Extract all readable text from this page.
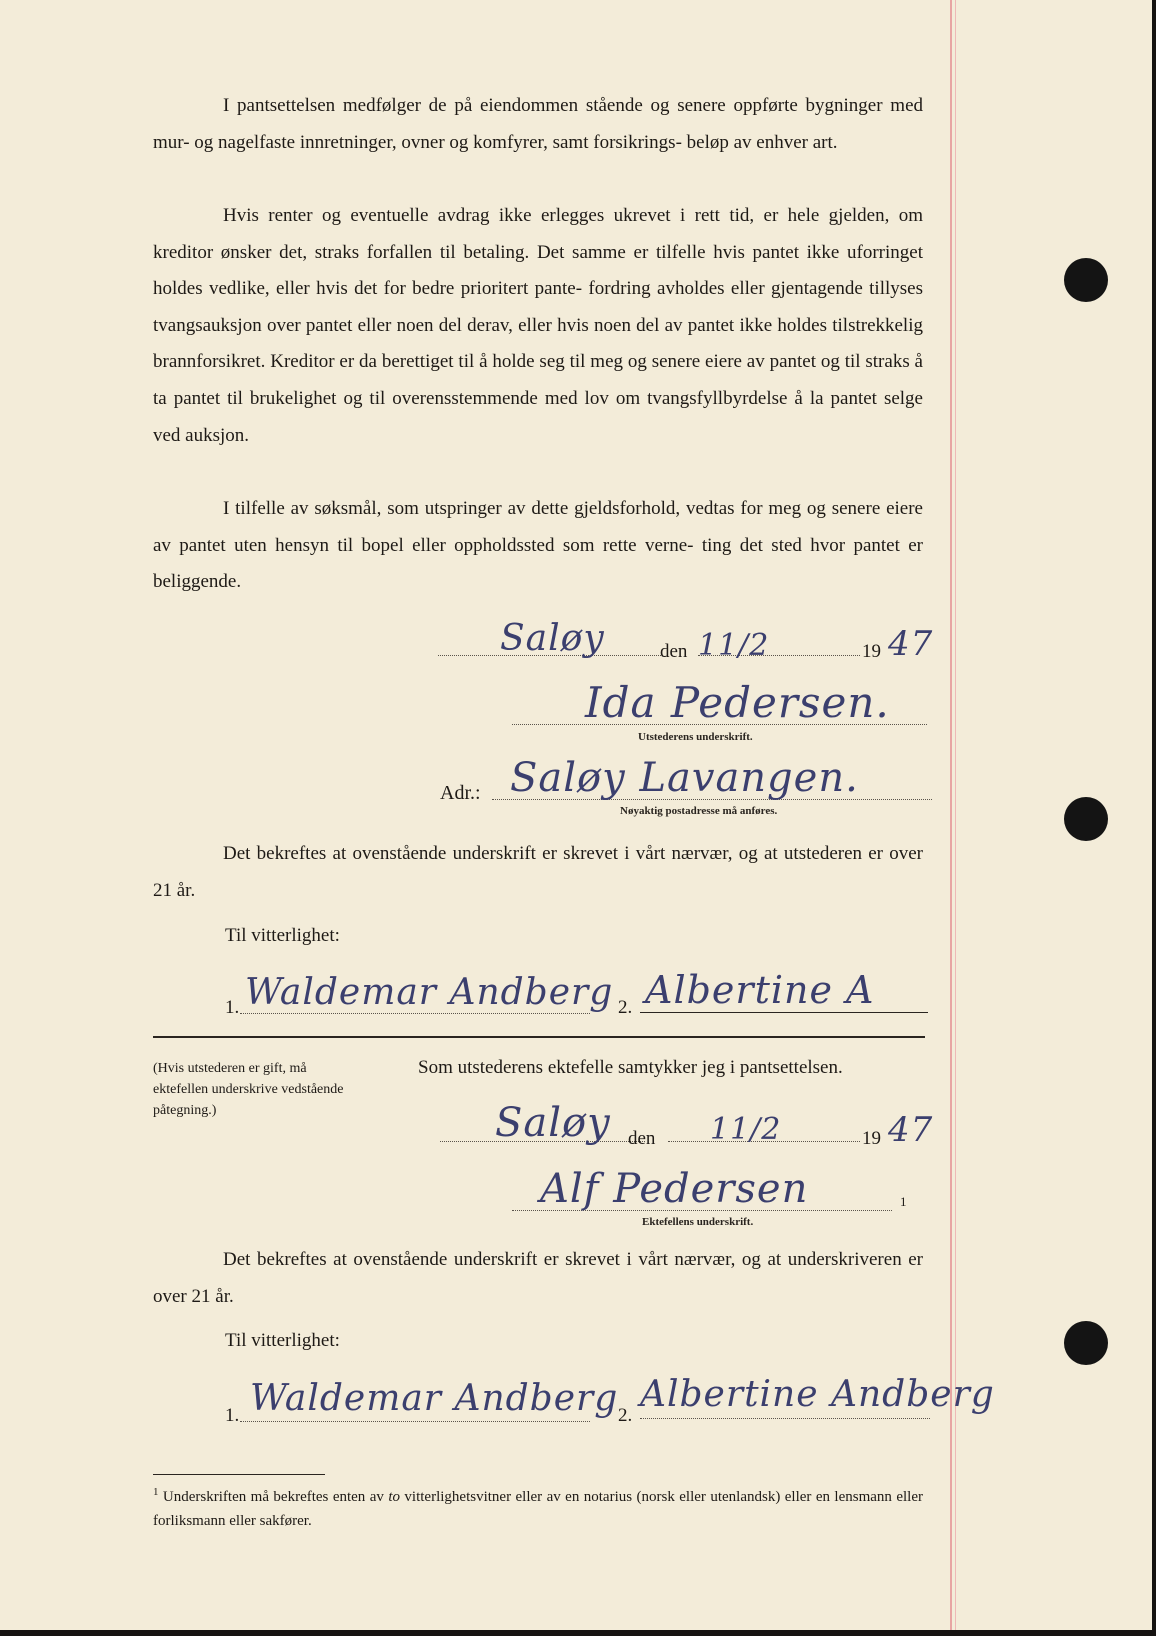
I pantsettelsen medfølger de på eiendommen stående og senere oppførte bygninger med mur- og nagelfaste innretninger, ovner og komfyrer, samt forsikrings- beløp av enhver art.

Hvis renter og eventuelle avdrag ikke erlegges ukrevet i rett tid, er hele gjelden, om kreditor ønsker det, straks forfallen til betaling. Det samme er tilfelle hvis pantet ikke uforringet holdes vedlike, eller hvis det for bedre prioritert pante- fordring avholdes eller gjentagende tillyses tvangsauksjon over pantet eller noen del derav, eller hvis noen del av pantet ikke holdes tilstrekkelig brannforsikret. Kreditor er da berettiget til å holde seg til meg og senere eiere av pantet og til straks å ta pantet til brukelighet og til overensstemmende med lov om tvangsfyllbyrdelse å la pantet selge ved auksjon.

I tilfelle av søksmål, som utspringer av dette gjeldsforhold, vedtas for meg og senere eiere av pantet uten hensyn til bopel eller oppholdssted som rette verne- ting det sted hvor pantet er beliggende.

Saløy	den 11/2	19 47
Ida Pedersen.
Utstederens underskrift.
Adr.: Saløy Lavangen.
Nøyaktig postadresse må anføres.

Det bekreftes at ovenstående underskrift er skrevet i vårt nærvær, og at utstederen er over 21 år.

Til vitterlighet:
1. Waldemar Andberg 2. Albertine A
(Hvis utstederen er gift, må ektefellen underskrive vedstående påtegning.)
Som utstederens ektefelle samtykker jeg i pantsettelsen.
Saløy den 11/2	19 47
Alf Pedersen	1
Ektefellens underskrift.

Det bekreftes at ovenstående underskrift er skrevet i vårt nærvær, og at underskriveren er over 21 år.

Til vitterlighet:
1. Waldemar Andberg 2.
Albertine Andberg

$^1$ Underskriften må bekreftes enten av to vitterlighetsvitner eller av en notarius (norsk eller utenlandsk) eller en lensmann eller forliksmann eller sakfører.
